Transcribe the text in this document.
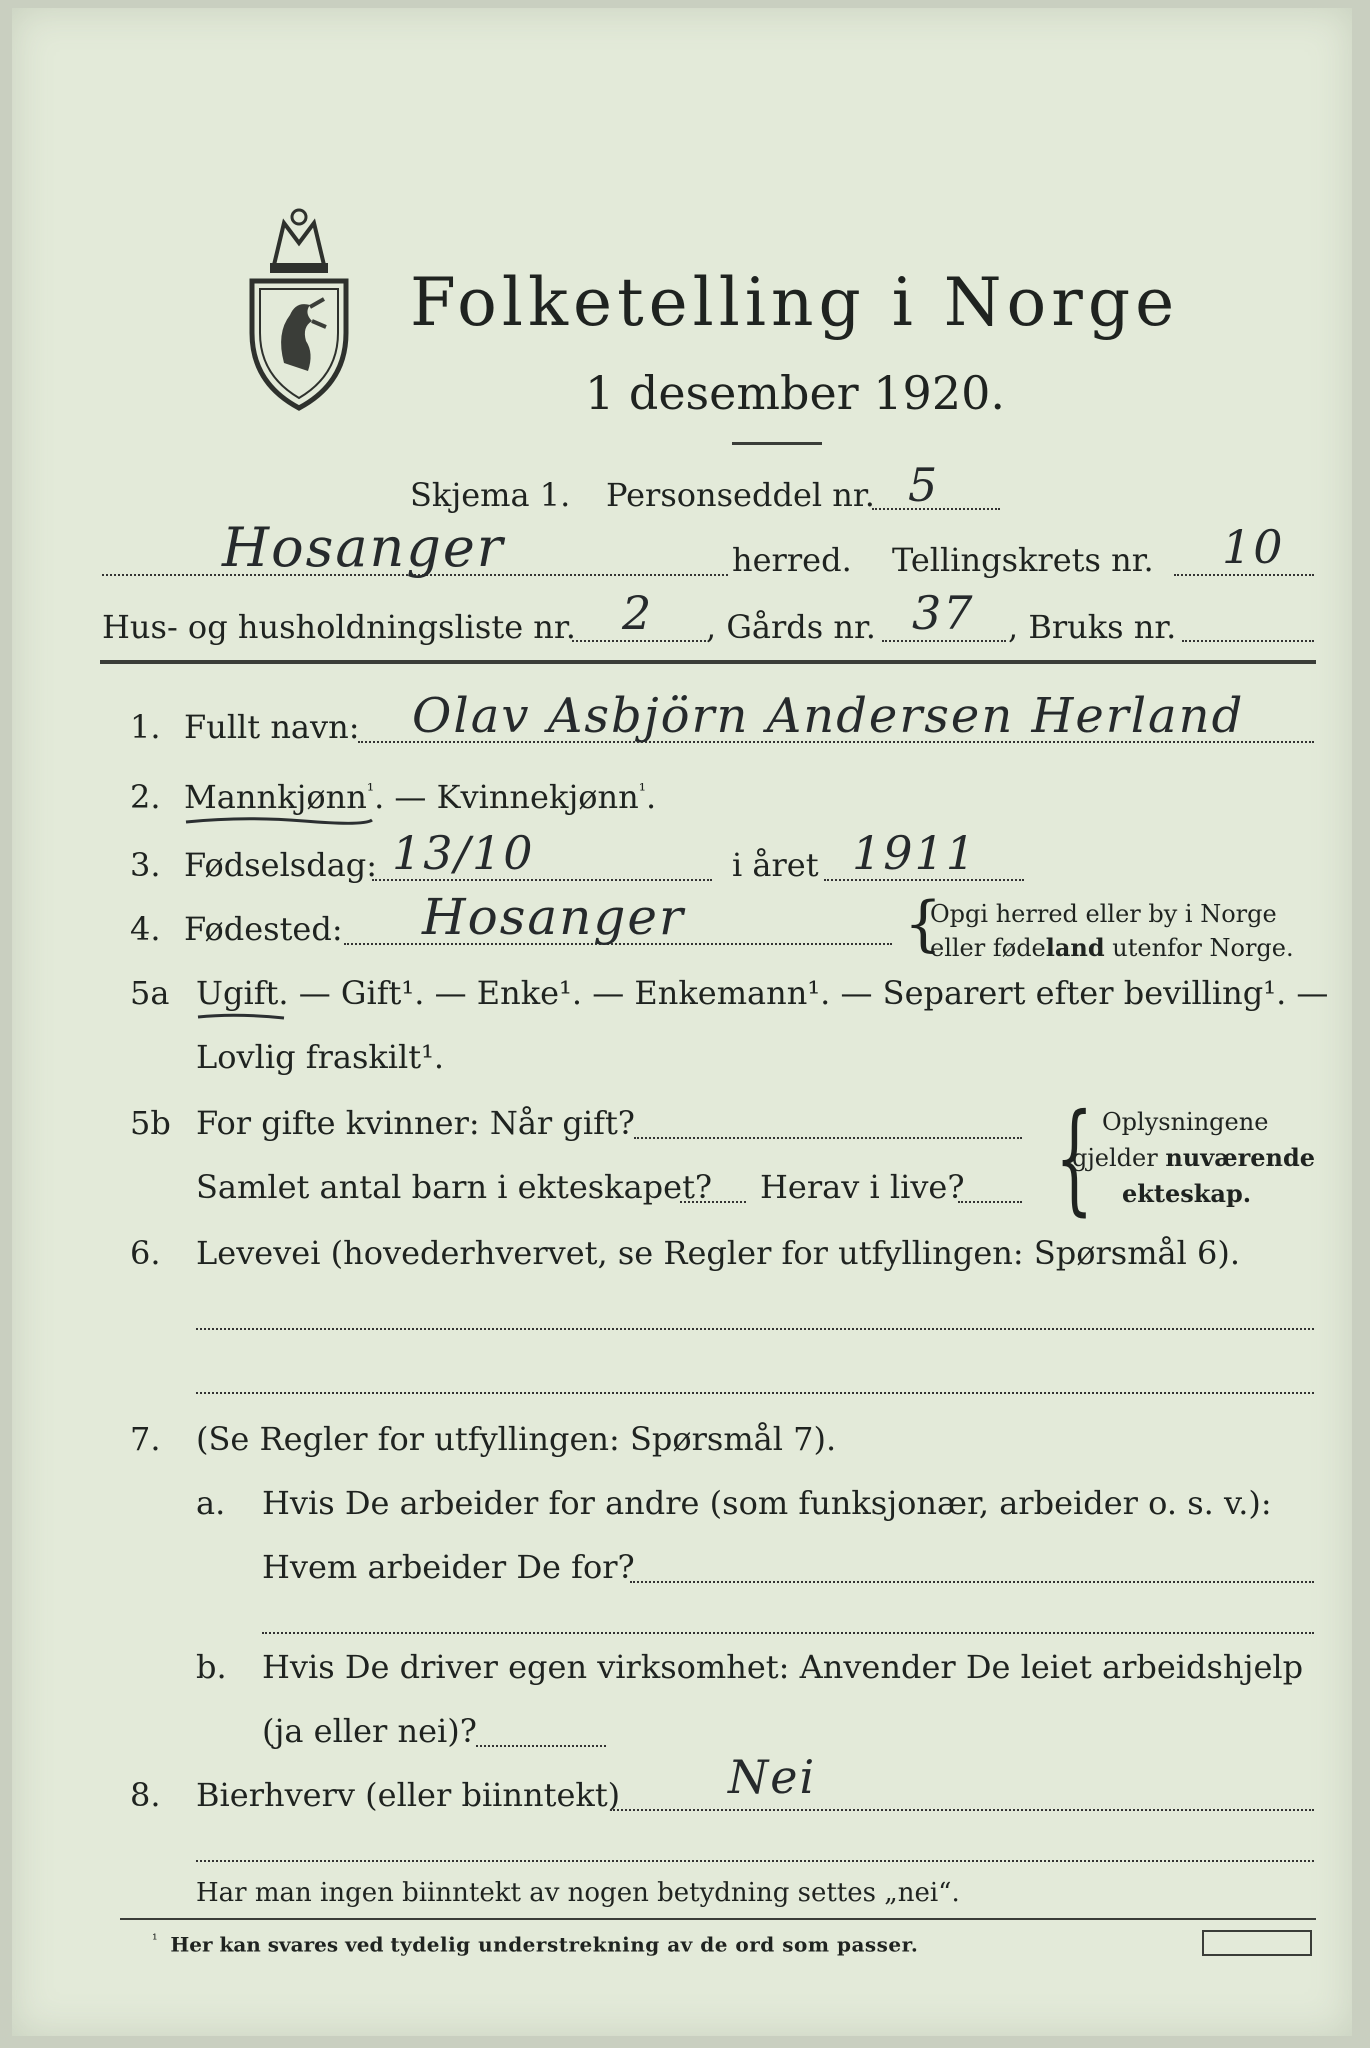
Folketelling i Norge
1 desember 1920.
Skjema 1. Personseddel nr. 5
Hosanger	herred. Tellingskrets nr. 10
Hus- og husholdningsliste nr. 2 , Gårds nr. 37 , Bruks nr.
1. Fullt navn: Olav Asbjörn Andersen Herland
2. Mannkjønn$^{^1}$. — Kvinnekjønn$^{^1}$.
3. Fødselsdag: 13/10	i året 1911
4. Fødested: Hosanger	{
Opgi herred eller by i Norge
eller fødeland utenfor Norge.
5a Ugift. — Gift¹. — Enke¹. — Enkemann¹. — Separert efter bevilling¹. —
Lovlig fraskilt¹.
5b For gifte kvinner: Når gift?
Samlet antal barn i ekteskapet? Herav i live? { Oplysningene
gjelder nuværende
ekteskap.
6. Levevei (hovederhvervet, se Regler for utfyllingen: Spørsmål 6).
7. (Se Regler for utfyllingen: Spørsmål 7).
a. Hvis De arbeider for andre (som funksjonær, arbeider o. s. v.):
Hvem arbeider De for?
b. Hvis De driver egen virksomhet: Anvender De leiet arbeidshjelp
(ja eller nei)?
8. Bierhverv (eller biinntekt) Nei
Har man ingen biinntekt av nogen betydning settes „nei“.
$^{^1}$ Her kan svares ved tydelig understrekning av de ord som passer.
